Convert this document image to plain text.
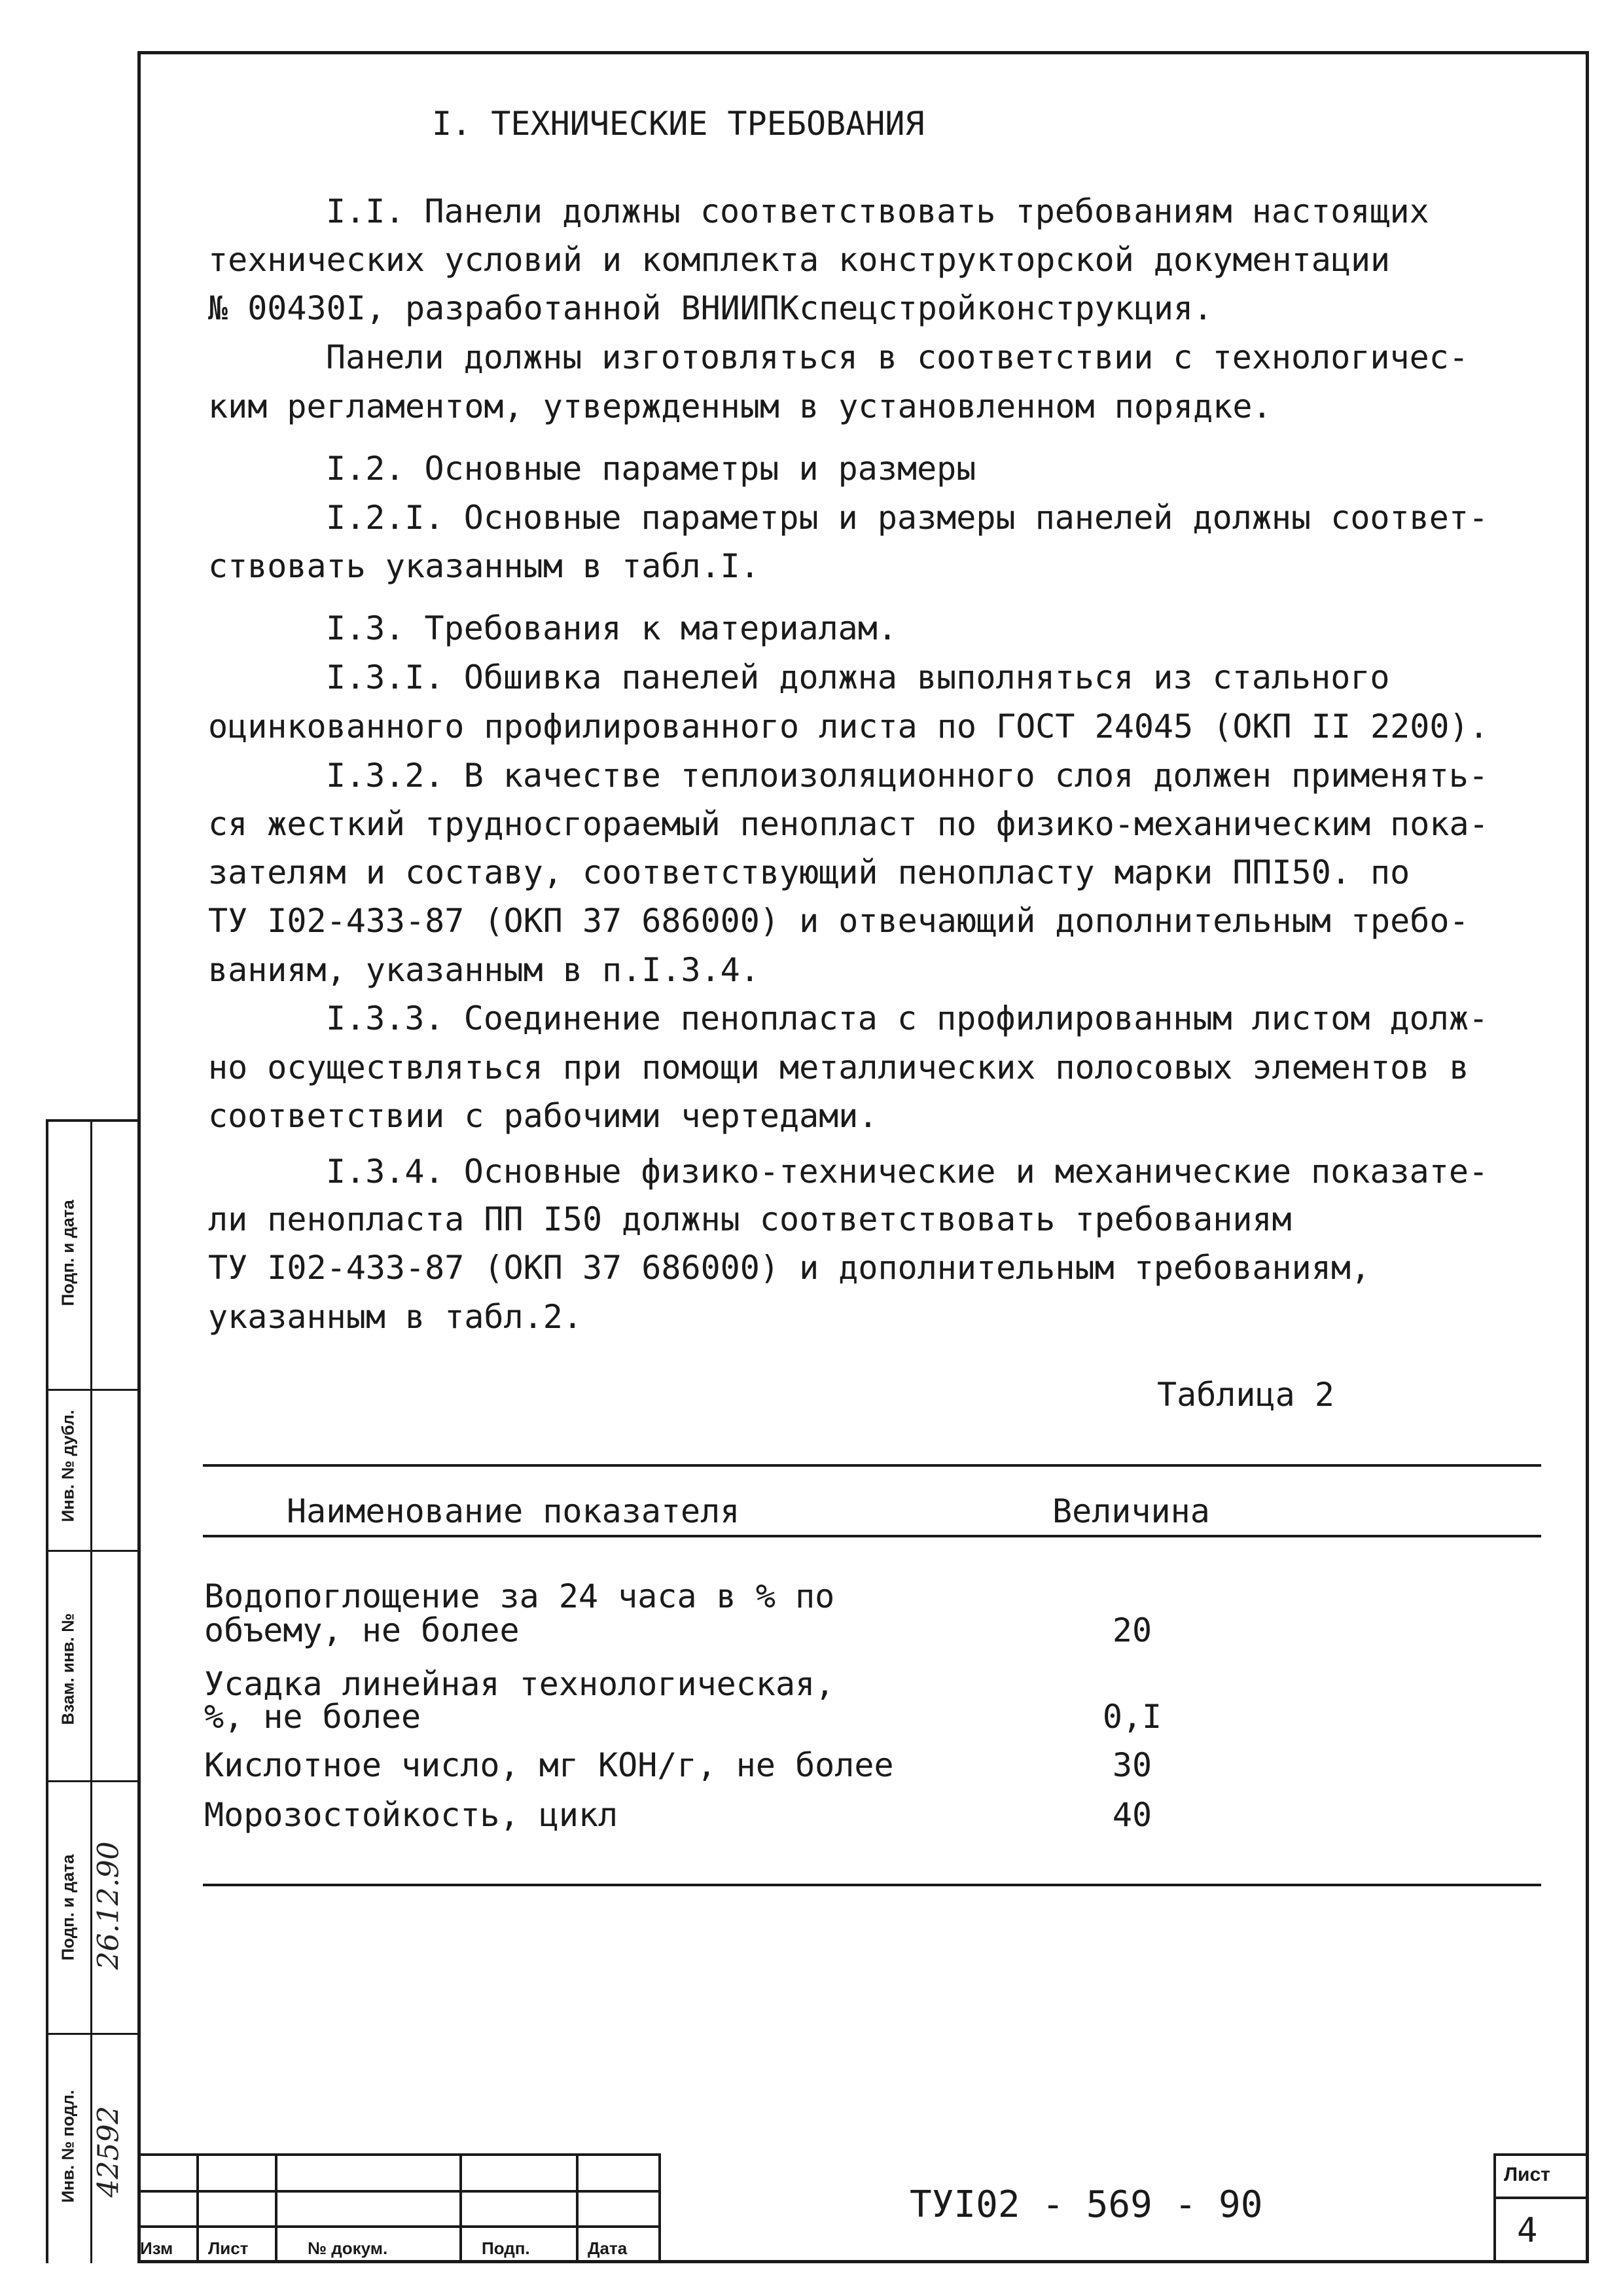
I. ТЕХНИЧЕСКИЕ ТРЕБОВАНИЯ
I.I. Панели должны соответствовать требованиям настоящих
технических условий и комплекта конструкторской документации
№ 00430I, разработанной ВНИИПКспецстройконструкция.
Панели должны изготовляться в соответствии с технологичес-
ким регламентом, утвержденным в установленном порядке.
I.2. Основные параметры и размеры
I.2.I. Основные параметры и размеры панелей должны соответ-
ствовать указанным в табл.I.
I.3. Требования к материалам.
I.3.I. Обшивка панелей должна выполняться из стального
оцинкованного профилированного листа по ГОСТ 24045 (ОКП II 2200).
I.3.2. В качестве теплоизоляционного слоя должен применять-
ся жесткий трудносгораемый пенопласт по физико-механическим пока-
зателям и составу, соответствующий пенопласту марки ППI50. по
ТУ I02-433-87 (ОКП 37 686000) и отвечающий дополнительным требо-
ваниям, указанным в п.I.3.4.
I.3.3. Соединение пенопласта с профилированным листом долж-
но осуществляться при помощи металлических полосовых элементов в
соответствии с рабочими чертедами.
I.3.4. Основные физико-технические и механические показате-
ли пенопласта ПП I50 должны соответствовать требованиям
ТУ I02-433-87 (ОКП 37 686000) и дополнительным требованиям,
указанным в табл.2.
Таблица 2
Наименование показателя	Величина
Водопоглощение за 24 часа в % по
объему, не более	20
Усадка линейная технологическая,
%, не более	0,I
Кислотное число, мг КОН/г, не более	30
Морозостойкость, цикл	40
Подп. и дата
Инв. № дубл.
Взам. инв. №
Подп. и дата
Инв. № подл. 42592
26.12.90
Изм Лист	№ докум.	Подп.	Дата
ТУI02 - 569 - 90
Лист
4
